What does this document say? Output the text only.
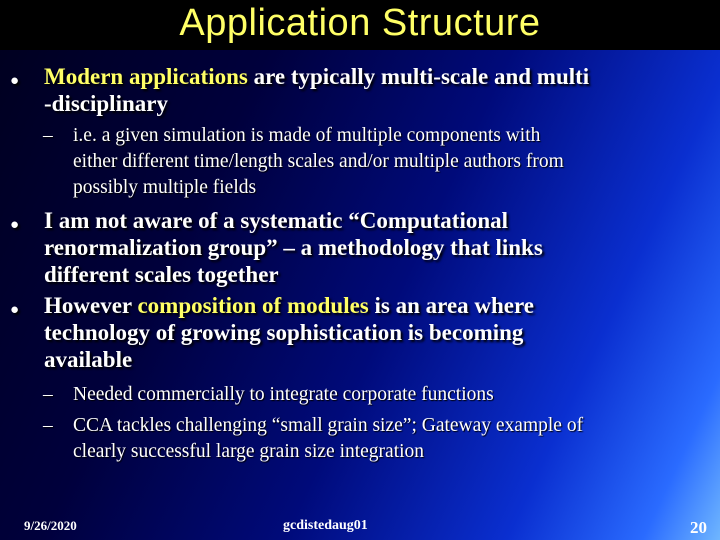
Application Structure
● Modern applications are typically multi-scale and multi
-disciplinary
– i.e. a given simulation is made of multiple components with
either different time/length scales and/or multiple authors from
possibly multiple fields
● I am not aware of a systematic “Computational
renormalization group” – a methodology that links
different scales together
● However composition of modules is an area where
technology of growing sophistication is becoming
available
– Needed commercially to integrate corporate functions
– CCA tackles challenging “small grain size”; Gateway example of
clearly successful large grain size integration
9/26/2020	gcdistedaug01	20
